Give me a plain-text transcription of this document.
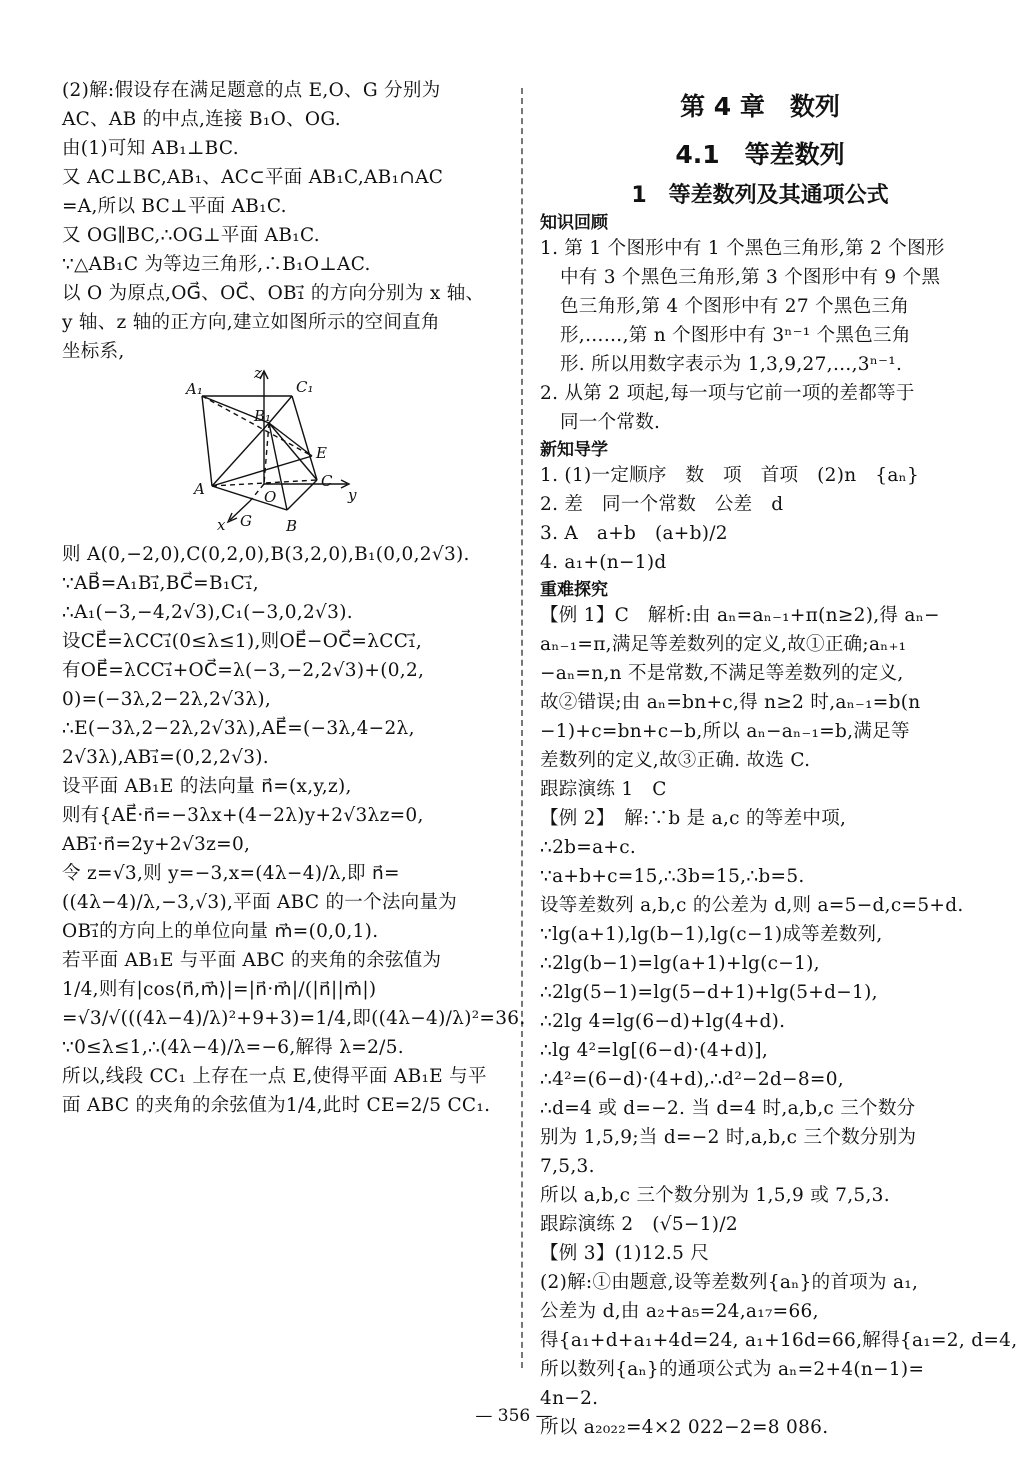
(2)解:假设存在满足题意的点 E,O、G 分别为
AC、AB 的中点,连接 B₁O、OG.
由(1)可知 AB₁⊥BC.
又 AC⊥BC,AB₁、AC⊂平面 AB₁C,AB₁∩AC
=A,所以 BC⊥平面 AB₁C.
又 OG∥BC,∴OG⊥平面 AB₁C.
∵△AB₁C 为等边三角形,∴B₁O⊥AC.
以 O 为原点,OG⃗、OC⃗、OB₁⃗ 的方向分别为 x 轴、
y 轴、z 轴的正方向,建立如图所示的空间直角
坐标系,
A₁
z
C₁
B₁
E
A	O
C
y
x G B
则 A(0,−2,0),C(0,2,0),B(3,2,0),B₁(0,0,2√3).
∵AB⃗=A₁B₁⃗,BC⃗=B₁C₁⃗,
∴A₁(−3,−4,2√3),C₁(−3,0,2√3).
设CE⃗=λCC₁⃗(0≤λ≤1),则OE⃗−OC⃗=λCC₁⃗,
有OE⃗=λCC₁⃗+OC⃗=λ(−3,−2,2√3)+(0,2,
0)=(−3λ,2−2λ,2√3λ),
∴E(−3λ,2−2λ,2√3λ),AE⃗=(−3λ,4−2λ,
2√3λ),AB₁⃗=(0,2,2√3).
设平面 AB₁E 的法向量 n⃗=(x,y,z),
则有{AE⃗·n⃗=−3λx+(4−2λ)y+2√3λz=0,
AB₁⃗·n⃗=2y+2√3z=0,
令 z=√3,则 y=−3,x=(4λ−4)/λ,即 n⃗=
((4λ−4)/λ,−3,√3),平面 ABC 的一个法向量为
OB₁⃗的方向上的单位向量 m⃗=(0,0,1).
若平面 AB₁E 与平面 ABC 的夹角的余弦值为
1/4,则有|cos⟨n⃗,m⃗⟩|=|n⃗·m⃗|/(|n⃗||m⃗|)
=√3/√(((4λ−4)/λ)²+9+3)=1/4,即((4λ−4)/λ)²=36.
∵0≤λ≤1,∴(4λ−4)/λ=−6,解得 λ=2/5.
所以,线段 CC₁ 上存在一点 E,使得平面 AB₁E 与平
面 ABC 的夹角的余弦值为1/4,此时 CE=2/5 CC₁.
第 4 章　数列
4.1　等差数列
1　等差数列及其通项公式
知识回顾
1. 第 1 个图形中有 1 个黑色三角形,第 2 个图形
中有 3 个黑色三角形,第 3 个图形中有 9 个黑
色三角形,第 4 个图形中有 27 个黑色三角
形,……,第 n 个图形中有 3ⁿ⁻¹ 个黑色三角
形. 所以用数字表示为 1,3,9,27,…,3ⁿ⁻¹.
2. 从第 2 项起,每一项与它前一项的差都等于
同一个常数.
新知导学
1. (1)一定顺序　数　项　首项　(2)n　{aₙ}
2. 差　同一个常数　公差　d
3. A　a+b　(a+b)/2
4. a₁+(n−1)d
重难探究
【例 1】C　解析:由 aₙ=aₙ₋₁+π(n≥2),得 aₙ−
aₙ₋₁=π,满足等差数列的定义,故①正确;aₙ₊₁
−aₙ=n,n 不是常数,不满足等差数列的定义,
故②错误;由 aₙ=bn+c,得 n≥2 时,aₙ₋₁=b(n
−1)+c=bn+c−b,所以 aₙ−aₙ₋₁=b,满足等
差数列的定义,故③正确. 故选 C.
跟踪演练 1　C
【例 2】　解:∵b 是 a,c 的等差中项,
∴2b=a+c.
∵a+b+c=15,∴3b=15,∴b=5.
设等差数列 a,b,c 的公差为 d,则 a=5−d,c=5+d.
∵lg(a+1),lg(b−1),lg(c−1)成等差数列,
∴2lg(b−1)=lg(a+1)+lg(c−1),
∴2lg(5−1)=lg(5−d+1)+lg(5+d−1),
∴2lg 4=lg(6−d)+lg(4+d).
∴lg 4²=lg[(6−d)·(4+d)],
∴4²=(6−d)·(4+d),∴d²−2d−8=0,
∴d=4 或 d=−2. 当 d=4 时,a,b,c 三个数分
别为 1,5,9;当 d=−2 时,a,b,c 三个数分别为
7,5,3.
所以 a,b,c 三个数分别为 1,5,9 或 7,5,3.
跟踪演练 2　(√5−1)/2
【例 3】(1)12.5 尺
(2)解:①由题意,设等差数列{aₙ}的首项为 a₁,
公差为 d,由 a₂+a₅=24,a₁₇=66,
得{a₁+d+a₁+4d=24, a₁+16d=66,解得{a₁=2, d=4,
所以数列{aₙ}的通项公式为 aₙ=2+4(n−1)=
4n−2.
所以 a₂₀₂₂=4×2 022−2=8 086.
— 356 —
